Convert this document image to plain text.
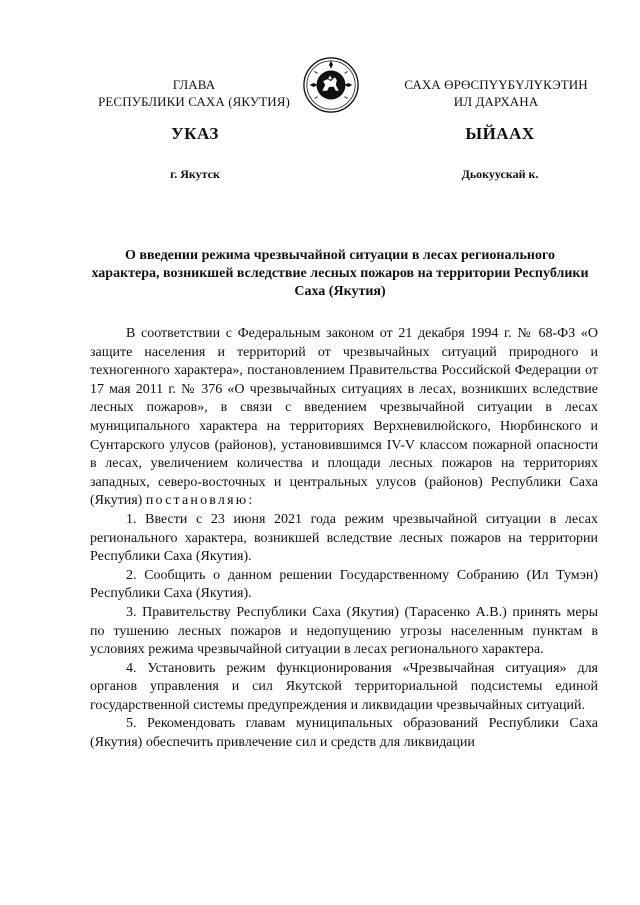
ГЛАВА
РЕСПУБЛИКИ САХА (ЯКУТИЯ)
САХА ӨРӨСПҮҮБҮЛҮКЭТИН
ИЛ ДАРХАНА
УКАЗ	ЫЙААХ
г. Якутск	Дьокуускай к.
О введении режима чрезвычайной ситуации в лесах регионального характера, возникшей вследствие лесных пожаров на территории Республики Саха (Якутия)

В соответствии с Федеральным законом от 21 декабря 1994 г. № 68-ФЗ «О защите населения и территорий от чрезвычайных ситуаций природного и техногенного характера», постановлением Правительства Российской Федерации от 17 мая 2011 г. № 376 «О чрезвычайных ситуациях в лесах, возникших вследствие лесных пожаров», в связи с введением чрезвычайной ситуации в лесах муниципального характера на территориях Верхневилюйского, Нюрбинского и Сунтарского улусов (районов), установившимся IV-V классом пожарной опасности в лесах, увеличением количества и площади лесных пожаров на территориях западных, северо-восточных и центральных улусов (районов) Республики Саха (Якутия) постановляю:

1. Ввести с 23 июня 2021 года режим чрезвычайной ситуации в лесах регионального характера, возникшей вследствие лесных пожаров на территории Республики Саха (Якутия).

2. Сообщить о данном решении Государственному Собранию (Ил Тумэн) Республики Саха (Якутия).

3. Правительству Республики Саха (Якутия) (Тарасенко А.В.) принять меры по тушению лесных пожаров и недопущению угрозы населенным пунктам в условиях режима чрезвычайной ситуации в лесах регионального характера.

4. Установить режим функционирования «Чрезвычайная ситуация» для органов управления и сил Якутской территориальной подсистемы единой государственной системы предупреждения и ликвидации чрезвычайных ситуаций.

5. Рекомендовать главам муниципальных образований Республики Саха (Якутия) обеспечить привлечение сил и средств для ликвидации
